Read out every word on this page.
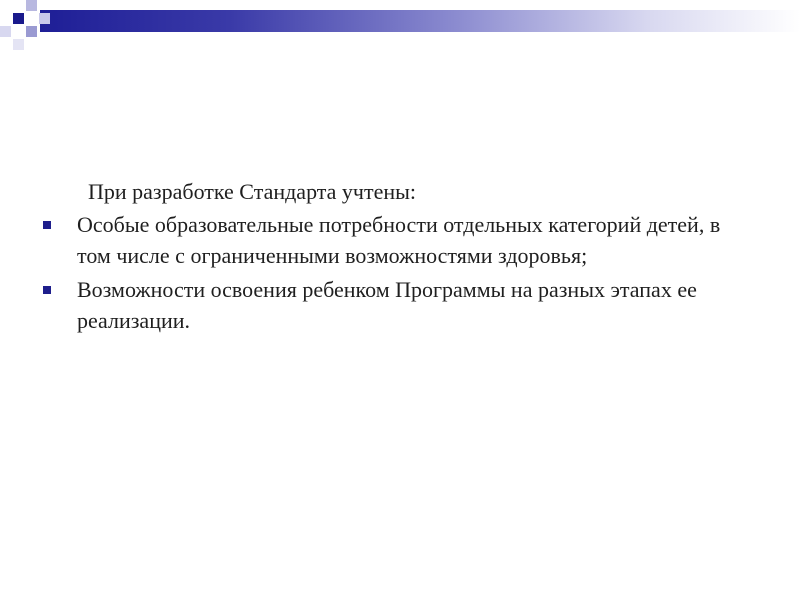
При разработке Стандарта учтены:

Особые образовательные потребности отдельных категорий детей, в том числе с ограниченными возможностями здоровья;
Возможности освоения ребенком Программы на разных этапах ее реализации.
